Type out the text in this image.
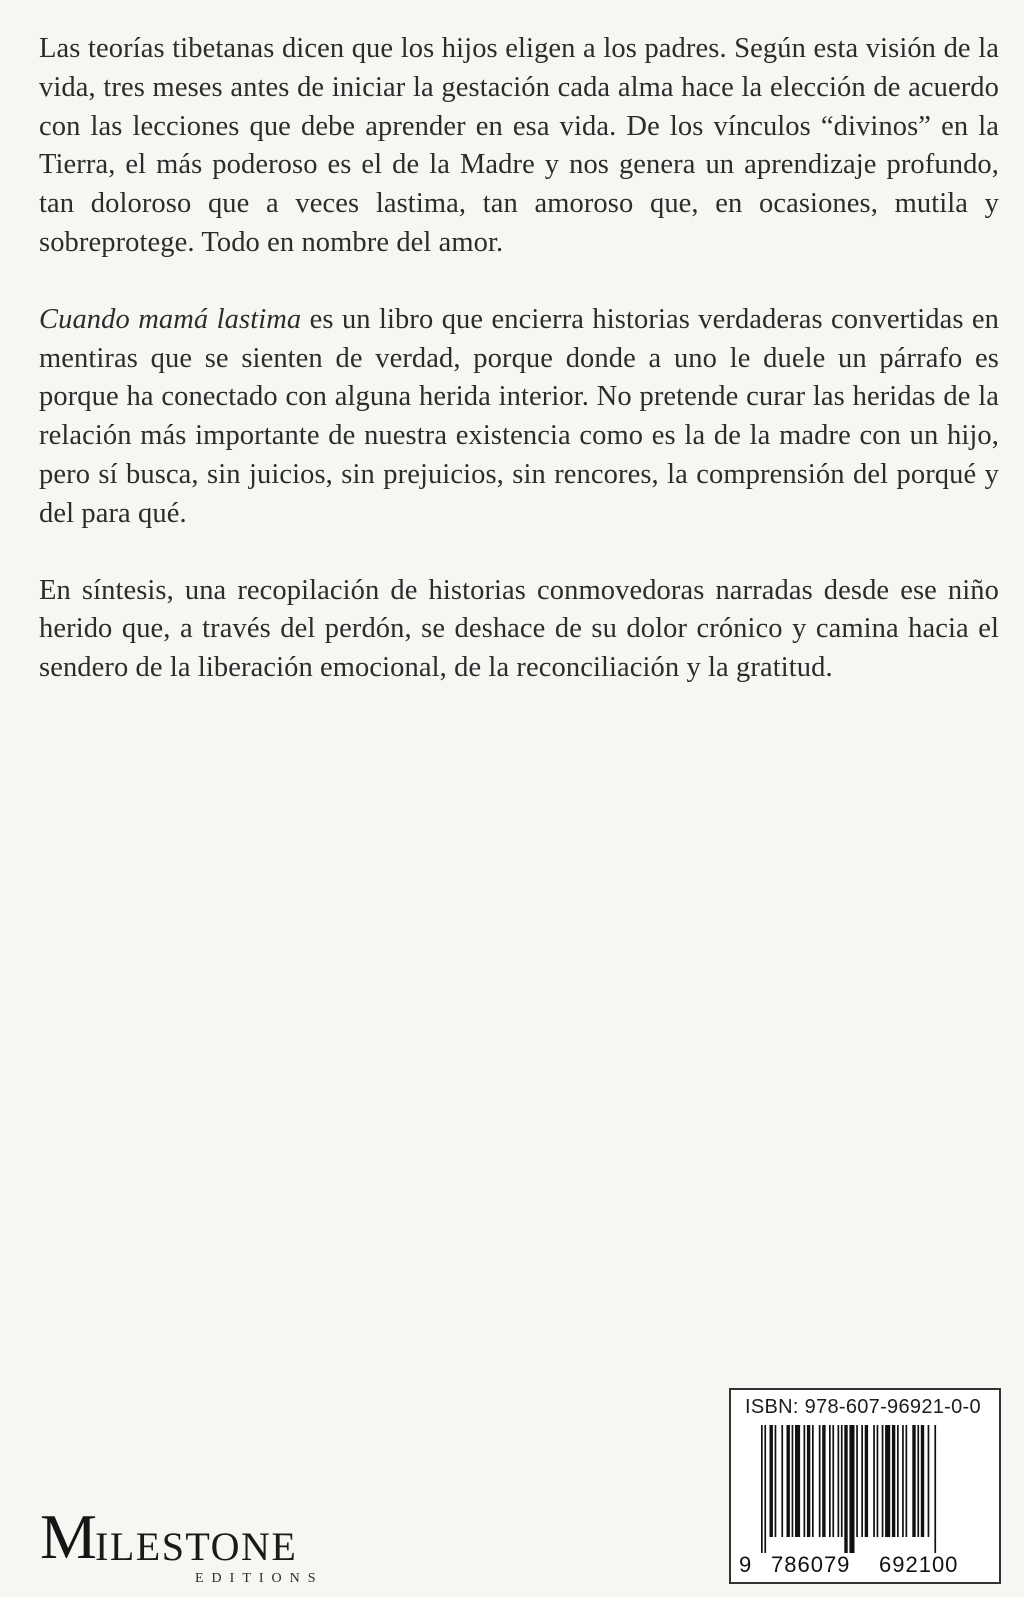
Las teorías tibetanas dicen que los hijos eligen a los padres. Según esta visión de la vida, tres meses antes de iniciar la gestación cada alma hace la elección de acuerdo con las lecciones que debe aprender en esa vida. De los vínculos “divinos” en la Tierra, el más poderoso es el de la Madre y nos genera un aprendizaje profundo, tan doloroso que a veces lastima, tan amoroso que, en ocasiones, mutila y sobreprotege. Todo en nombre del amor.

Cuando mamá lastima es un libro que encierra historias verdaderas convertidas en mentiras que se sienten de verdad, porque donde a uno le duele un párrafo es porque ha conectado con alguna herida interior. No pretende curar las heridas de la relación más importante de nuestra existencia como es la de la madre con un hijo, pero sí busca, sin juicios, sin prejuicios, sin rencores, la comprensión del porqué y del para qué.

En síntesis, una recopilación de historias conmovedoras narradas desde ese niño herido que, a través del perdón, se deshace de su dolor crónico y camina hacia el sendero de la liberación emocional, de la reconciliación y la gratitud.

M
ILESTONE
EDITIONS
ISBN: 978-607-96921-0-0
9 786079 692100
